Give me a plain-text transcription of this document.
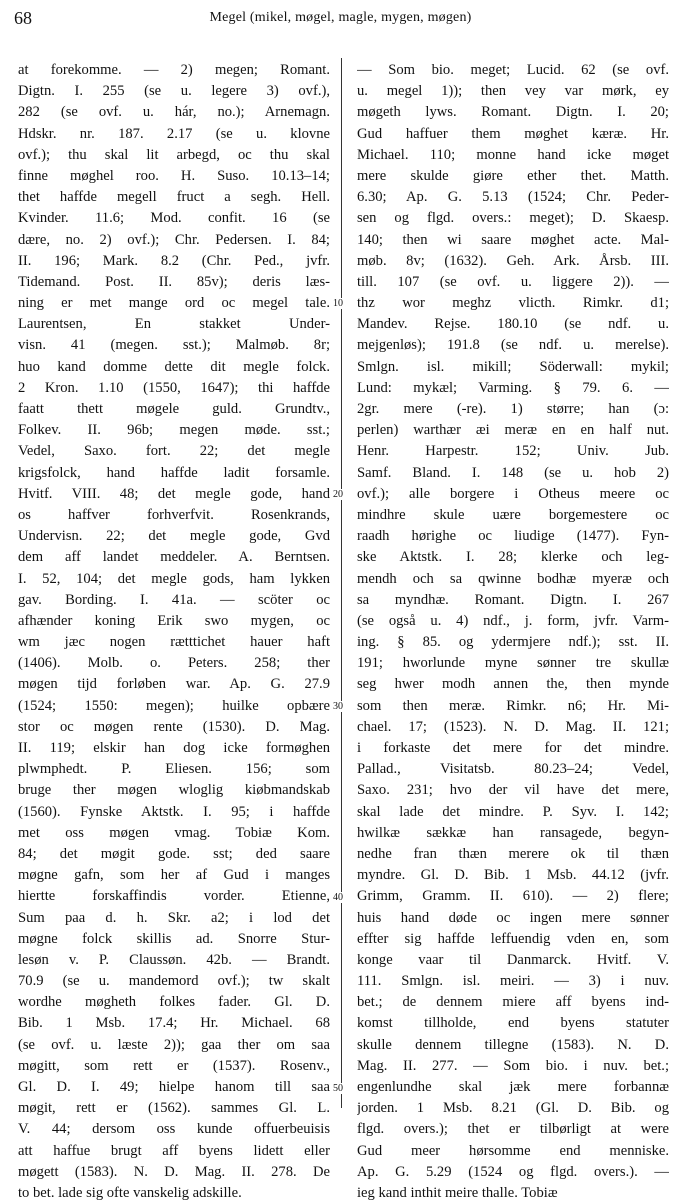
68	Megel (mikel, møgel, magle, mygen, møgen)
at forekomme. — 2) megen; Romant.
Digtn. I. 255 (se u. legere 3) ovf.),
282 (se ovf. u. hár, no.); Arnemagn.
Hdskr. nr. 187. 2.17 (se u. klovne
ovf.); thu skal lit arbegd, oc thu skal
finne møghel roo. H. Suso. 10.13–14;
thet haffde megell fruct a segh. Hell.
Kvinder. 11.6; Mod. confit. 16 (se
dære, no. 2) ovf.); Chr. Pedersen. I. 84;
II. 196; Mark. 8.2 (Chr. Ped., jvfr.
Tidemand. Post. II. 85v); deris læs-
ning er met mange ord oc megel tale.
Laurentsen, En stakket Under-
visn. 41 (megen. sst.); Malmøb. 8r;
huo kand domme dette dit megle folck.
2 Kron. 1.10 (1550, 1647); thi haffde
faatt thett møgele guld. Grundtv.,
Folkev. II. 96b; megen møde. sst.;
Vedel, Saxo. fort. 22; det megle
krigsfolck, hand haffde ladit forsamle.
Hvitf. VIII. 48; det megle gode, hand
os haffver forhverfvit. Rosenkrands,
Undervisn. 22; det megle gode, Gvd
dem aff landet meddeler. A. Berntsen.
I. 52, 104; det megle gods, ham lykken
gav. Bording. I. 41a. — scöter oc
afhænder koning Erik swo mygen, oc
wm jæc nogen rætttichet hauer haft
(1406). Molb. o. Peters. 258; ther
møgen tijd forløben war. Ap. G. 27.9
(1524; 1550: megen); huilke opbære
stor oc møgen rente (1530). D. Mag.
II. 119; elskir han dog icke formøghen
plwmphedt. P. Eliesen. 156; som
bruge ther møgen wloglig kiøbmandskab
(1560). Fynske Aktstk. I. 95; i haffde
met oss møgen vmag. Tobiæ Kom.
84; det møgit gode. sst; ded saare
møgne gafn, som her af Gud i manges
hiertte forskaffindis vorder. Etienne,
Sum paa d. h. Skr. a2; i lod det
møgne folck skillis ad. Snorre Stur-
lesøn v. P. Claussøn. 42b. — Brandt.
70.9 (se u. mandemord ovf.); tw skalt
wordhe møgheth folkes fader. Gl. D.
Bib. 1 Msb. 17.4; Hr. Michael. 68
(se ovf. u. læste 2)); gaa ther om saa
møgitt, som rett er (1537). Rosenv.,
Gl. D. I. 49; hielpe hanom till saa
møgit, rett er (1562). sammes Gl. L.
V. 44; dersom oss kunde offuerbeuisis
att haffue brugt aff byens lidett eller
møgett (1583). N. D. Mag. II. 278. De
to bet. lade sig ofte vanskelig adskille.
10
20
30
40
50
— Som bio. meget; Lucid. 62 (se ovf.
u. megel 1)); then vey var mørk, ey
møgeth lyws. Romant. Digtn. I. 20;
Gud haffuer them møghet kæræ. Hr.
Michael. 110; monne hand icke møget
mere skulde giøre ether thet. Matth.
6.30; Ap. G. 5.13 (1524; Chr. Peder-
sen og flgd. overs.: meget); D. Skaesp.
140; then wi saare møghet acte. Mal-
møb. 8v; (1632). Geh. Ark. Årsb. III.
till. 107 (se ovf. u. liggere 2)). —
thz wor meghz vlicth. Rimkr. d1;
Mandev. Rejse. 180.10 (se ndf. u.
mejgenløs); 191.8 (se ndf. u. merelse).
Smlgn. isl. mikill; Söderwall: mykil;
Lund: mykæl; Varming. § 79. 6. —
2gr. mere (-re). 1) større; han (ɔ:
perlen) warthær æi meræ en en half nut.
Henr. Harpestr. 152; Univ. Jub.
Samf. Bland. I. 148 (se u. hob 2)
ovf.); alle borgere i Otheus meere oc
mindhre skule uære borgemestere oc
raadh hørighe oc liudige (1477). Fyn-
ske Aktstk. I. 28; klerke och leg-
mendh och sa qwinne bodhæ myeræ och
sa myndhæ. Romant. Digtn. I. 267
(se også u. 4) ndf., j. form, jvfr. Varm-
ing. § 85. og ydermjere ndf.); sst. II.
191; hworlunde myne sønner tre skullæ
seg hwer modh annen the, then mynde
som then meræ. Rimkr. n6; Hr. Mi-
chael. 17; (1523). N. D. Mag. II. 121;
i forkaste det mere for det mindre.
Pallad., Visitatsb. 80.23–24; Vedel,
Saxo. 231; hvo der vil have det mere,
skal lade det mindre. P. Syv. I. 142;
hwilkæ sækkæ han ransagede, begyn-
nedhe fran thæn merere ok til thæn
myndre. Gl. D. Bib. 1 Msb. 44.12 (jvfr.
Grimm, Gramm. II. 610). — 2) flere;
huis hand døde oc ingen mere sønner
effter sig haffde leffuendig vden en, som
konge vaar til Danmarck. Hvitf. V.
111. Smlgn. isl. meiri. — 3) i nuv.
bet.; de dennem miere aff byens ind-
komst tillholde, end byens statuter
skulle dennem tillegne (1583). N. D.
Mag. II. 277. — Som bio. i nuv. bet.;
engenlundhe skal jæk mere forbannæ
jorden. 1 Msb. 8.21 (Gl. D. Bib. og
flgd. overs.); thet er tilbørligt at were
Gud meer hørsomme end menniske.
Ap. G. 5.29 (1524 og flgd. overs.). —
ieg kand inthit meire thalle. Tobiæ
